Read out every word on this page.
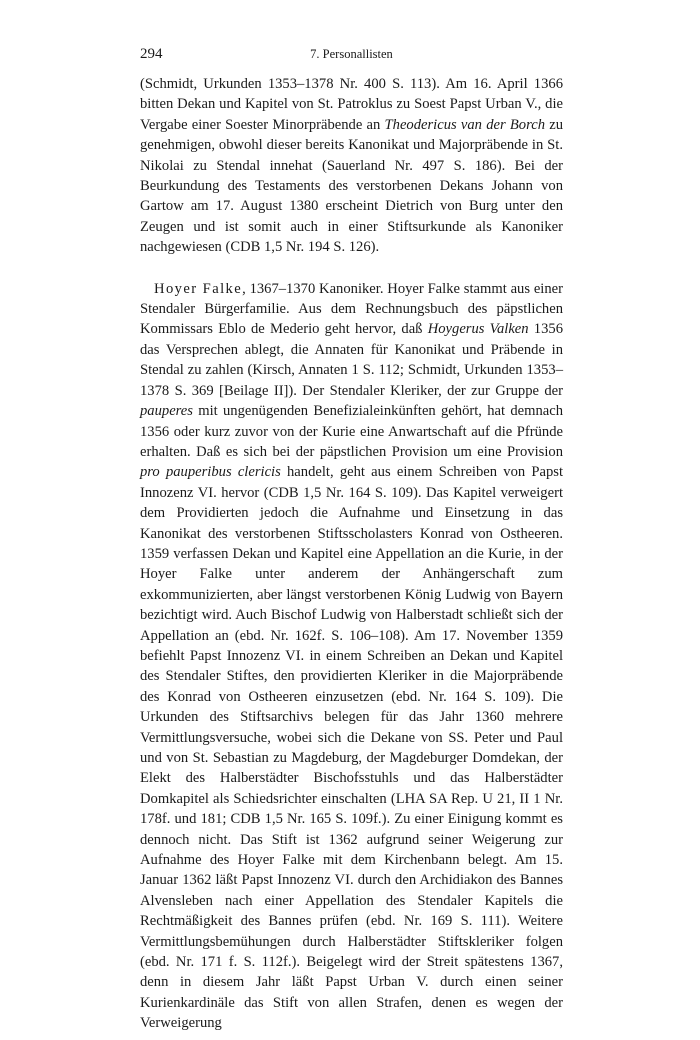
294	7. Personallisten

(Schmidt, Urkunden 1353–1378 Nr. 400 S. 113). Am 16. April 1366 bitten Dekan und Kapitel von St. Patroklus zu Soest Papst Urban V., die Vergabe einer Soester Minorpräbende an Theodericus van der Borch zu genehmigen, obwohl dieser bereits Kanonikat und Majorpräbende in St. Nikolai zu Stendal innehat (Sauerland Nr. 497 S. 186). Bei der Beurkundung des Testaments des verstorbenen Dekans Johann von Gartow am 17. August 1380 erscheint Dietrich von Burg unter den Zeugen und ist somit auch in einer Stiftsurkunde als Kanoniker nachgewiesen (CDB 1,5 Nr. 194 S. 126).

Hoyer Falke, 1367–1370 Kanoniker. Hoyer Falke stammt aus einer Stendaler Bürgerfamilie. Aus dem Rechnungsbuch des päpstlichen Kommissars Eblo de Mederio geht hervor, daß Hoygerus Valken 1356 das Versprechen ablegt, die Annaten für Kanonikat und Präbende in Stendal zu zahlen (Kirsch, Annaten 1 S. 112; Schmidt, Urkunden 1353–1378 S. 369 [Beilage II]). Der Stendaler Kleriker, der zur Gruppe der pauperes mit ungenügenden Benefizialeinkünften gehört, hat demnach 1356 oder kurz zuvor von der Kurie eine Anwartschaft auf die Pfründe erhalten. Daß es sich bei der päpstlichen Provision um eine Provision pro pauperibus clericis handelt, geht aus einem Schreiben von Papst Innozenz VI. hervor (CDB 1,5 Nr. 164 S. 109). Das Kapitel verweigert dem Providierten jedoch die Aufnahme und Einsetzung in das Kanonikat des verstorbenen Stiftsscholasters Konrad von Ostheeren. 1359 verfassen Dekan und Kapitel eine Appellation an die Kurie, in der Hoyer Falke unter anderem der Anhängerschaft zum exkommunizierten, aber längst verstorbenen König Ludwig von Bayern bezichtigt wird. Auch Bischof Ludwig von Halberstadt schließt sich der Appellation an (ebd. Nr. 162f. S. 106–108). Am 17. November 1359 befiehlt Papst Innozenz VI. in einem Schreiben an Dekan und Kapitel des Stendaler Stiftes, den providierten Kleriker in die Majorpräbende des Konrad von Ostheeren einzusetzen (ebd. Nr. 164 S. 109). Die Urkunden des Stiftsarchivs belegen für das Jahr 1360 mehrere Vermittlungsversuche, wobei sich die Dekane von SS. Peter und Paul und von St. Sebastian zu Magdeburg, der Magdeburger Domdekan, der Elekt des Halberstädter Bischofsstuhls und das Halberstädter Domkapitel als Schiedsrichter einschalten (LHA SA Rep. U 21, II 1 Nr. 178f. und 181; CDB 1,5 Nr. 165 S. 109f.). Zu einer Einigung kommt es dennoch nicht. Das Stift ist 1362 aufgrund seiner Weigerung zur Aufnahme des Hoyer Falke mit dem Kirchenbann belegt. Am 15. Januar 1362 läßt Papst Innozenz VI. durch den Archidiakon des Bannes Alvensleben nach einer Appellation des Stendaler Kapitels die Rechtmäßigkeit des Bannes prüfen (ebd. Nr. 169 S. 111). Weitere Vermittlungsbemühungen durch Halberstädter Stiftskleriker folgen (ebd. Nr. 171 f. S. 112f.). Beigelegt wird der Streit spätestens 1367, denn in diesem Jahr läßt Papst Urban V. durch einen seiner Kurienkardinäle das Stift von allen Strafen, denen es wegen der Verweigerung
